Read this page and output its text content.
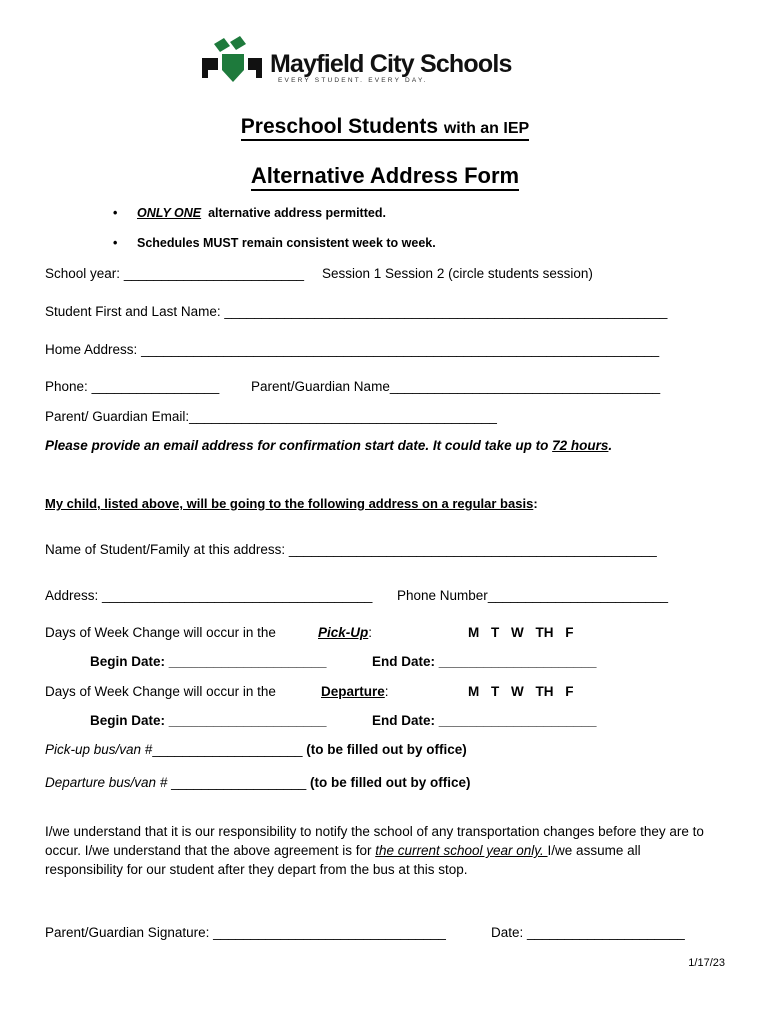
Mayfield City Schools
EVERY STUDENT. EVERY DAY.
Preschool Students with an IEP
Alternative Address Form
• ONLY ONE alternative address permitted.
• Schedules MUST remain consistent week to week.
School year: ________________________ Session 1 Session 2 (circle students session)
Student First and Last Name: ___________________________________________________________
Home Address: _____________________________________________________________________
Phone: _________________ Parent/Guardian Name____________________________________
Parent/ Guardian Email:_________________________________________
Please provide an email address for confirmation start date. It could take up to 72 hours.
My child, listed above, will be going to the following address on a regular basis:
Name of Student/Family at this address: _________________________________________________
Address: ____________________________________ Phone Number________________________
Days of Week Change will occur in the	Pick-Up:	M T W TH F
Begin Date: _____________________	End Date: _____________________
Days of Week Change will occur in the	Departure:	M T W TH F
Begin Date: _____________________	End Date: _____________________
Pick-up bus/van #____________________ (to be filled out by office)
Departure bus/van # __________________ (to be filled out by office)
I/we understand that it is our responsibility to notify the school of any transportation changes before they are to
occur. I/we understand that the above agreement is for the current school year only. I/we assume all
responsibility for our student after they depart from the bus at this stop.
Parent/Guardian Signature: _______________________________	Date: _____________________
1/17/23
